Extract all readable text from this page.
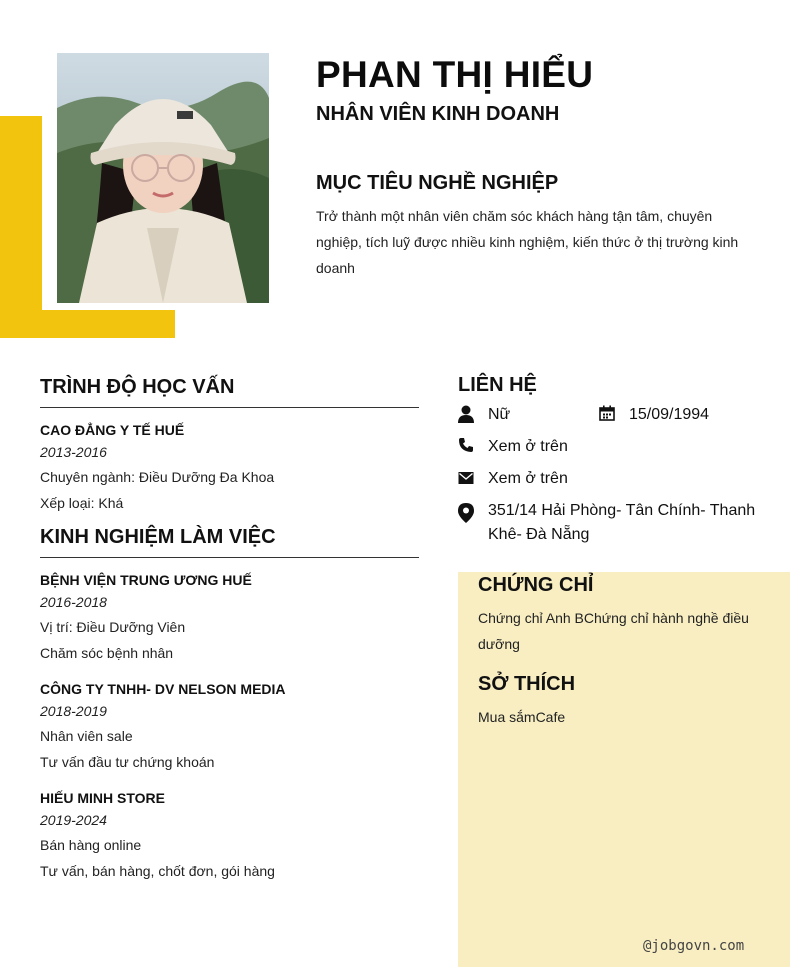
PHAN THỊ HIỂU
NHÂN VIÊN KINH DOANH
MỤC TIÊU NGHỀ NGHIỆP
Trở thành một nhân viên chăm sóc khách hàng tận tâm, chuyên nghiệp, tích luỹ được nhiều kinh nghiệm, kiến thức ở thị trường kinh doanh
TRÌNH ĐỘ HỌC VẤN
CAO ĐẲNG Y TẾ HUẾ
2013-2016
Chuyên ngành: Điều Dưỡng Đa Khoa
Xếp loại: Khá
KINH NGHIỆM LÀM VIỆC
BỆNH VIỆN TRUNG ƯƠNG HUẾ
2016-2018
Vị trí: Điều Dưỡng Viên
Chăm sóc bệnh nhân
CÔNG TY TNHH- DV NELSON MEDIA
2018-2019
Nhân viên sale
Tư vấn đầu tư chứng khoán
HIẾU MINH STORE
2019-2024
Bán hàng online
Tư vấn, bán hàng, chốt đơn, gói hàng
LIÊN HỆ
Nữ	15/09/1994
Xem ở trên
Xem ở trên
351/14 Hải Phòng- Tân Chính- Thanh Khê- Đà Nẵng
CHỨNG CHỈ
Chứng chỉ Anh BChứng chỉ hành nghề điều dưỡng
SỞ THÍCH
Mua sắmCafe
@jobgovn.com
